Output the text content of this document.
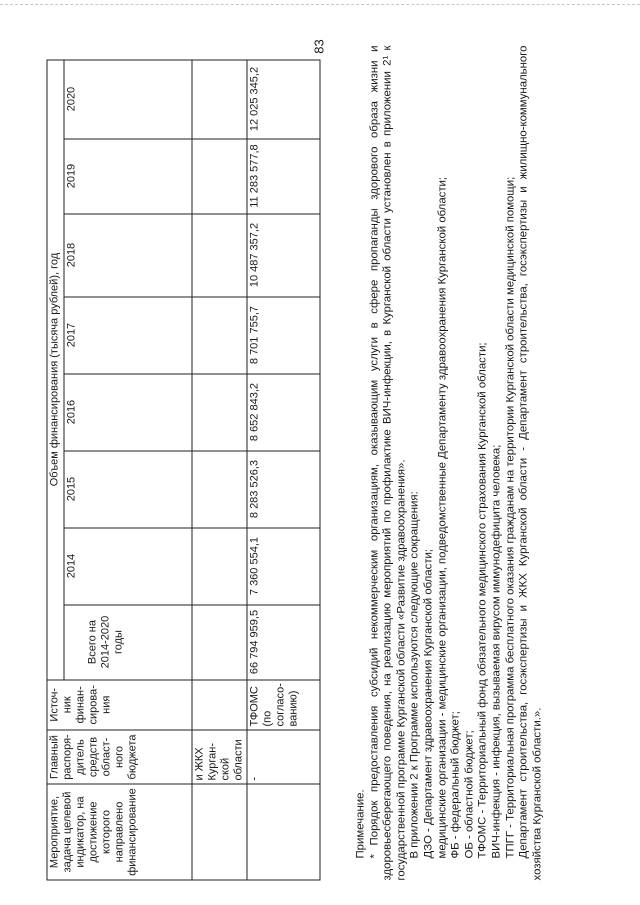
83
Мероприятие, задача целевой индикатор, на достижение которого направлено финансирование	Главный распоря-дитель средств област-ного бюджета	Источ-ник финан-сирова-ния	Объем финансирования (тысяча рублей), год							
			Всего на 2014-2020 годы	2014	2015	2016	2017	2018	2019	2020
	и ЖКХ Курган-ской области									
	-	ТФОМС (по согласо-ванию)	66 794 959,5	7 360 554,1	8 283 526,3	8 652 843,2	8 701 755,7	10 487 357,2	11 283 577,8	12 025 345,2

Примечание. * Порядок предоставления субсидий некоммерческим организациям, оказывающим услуги в сфере пропаганды здорового образа жизни и здоровьесберегающего поведения, на реализацию мероприятий по профилактике ВИЧ-инфекции, в Курганской области установлен в приложении 2¹ к государственной программе Курганской области «Развитие здравоохранения». В приложении 2 к Программе используются следующие сокращения: ДЗО - Департамент здравоохранения Курганской области; медицинские организации - медицинские организации, подведомственные Департаменту здравоохранения Курганской области; ФБ - федеральный бюджет; ОБ - областной бюджет; ТФОМС - Территориальный фонд обязательного медицинского страхования Курганской области; ВИЧ-инфекция - инфекция, вызываемая вирусом иммунодефицита человека; ТПГГ - Территориальная программа бесплатного оказания гражданам на территории Курганской области медицинской помощи; Департамент строительства, госэкспертизы и ЖКХ Курганской области - Департамент строительства, госэкспертизы и жилищно-коммунального хозяйства Курганской области.».
